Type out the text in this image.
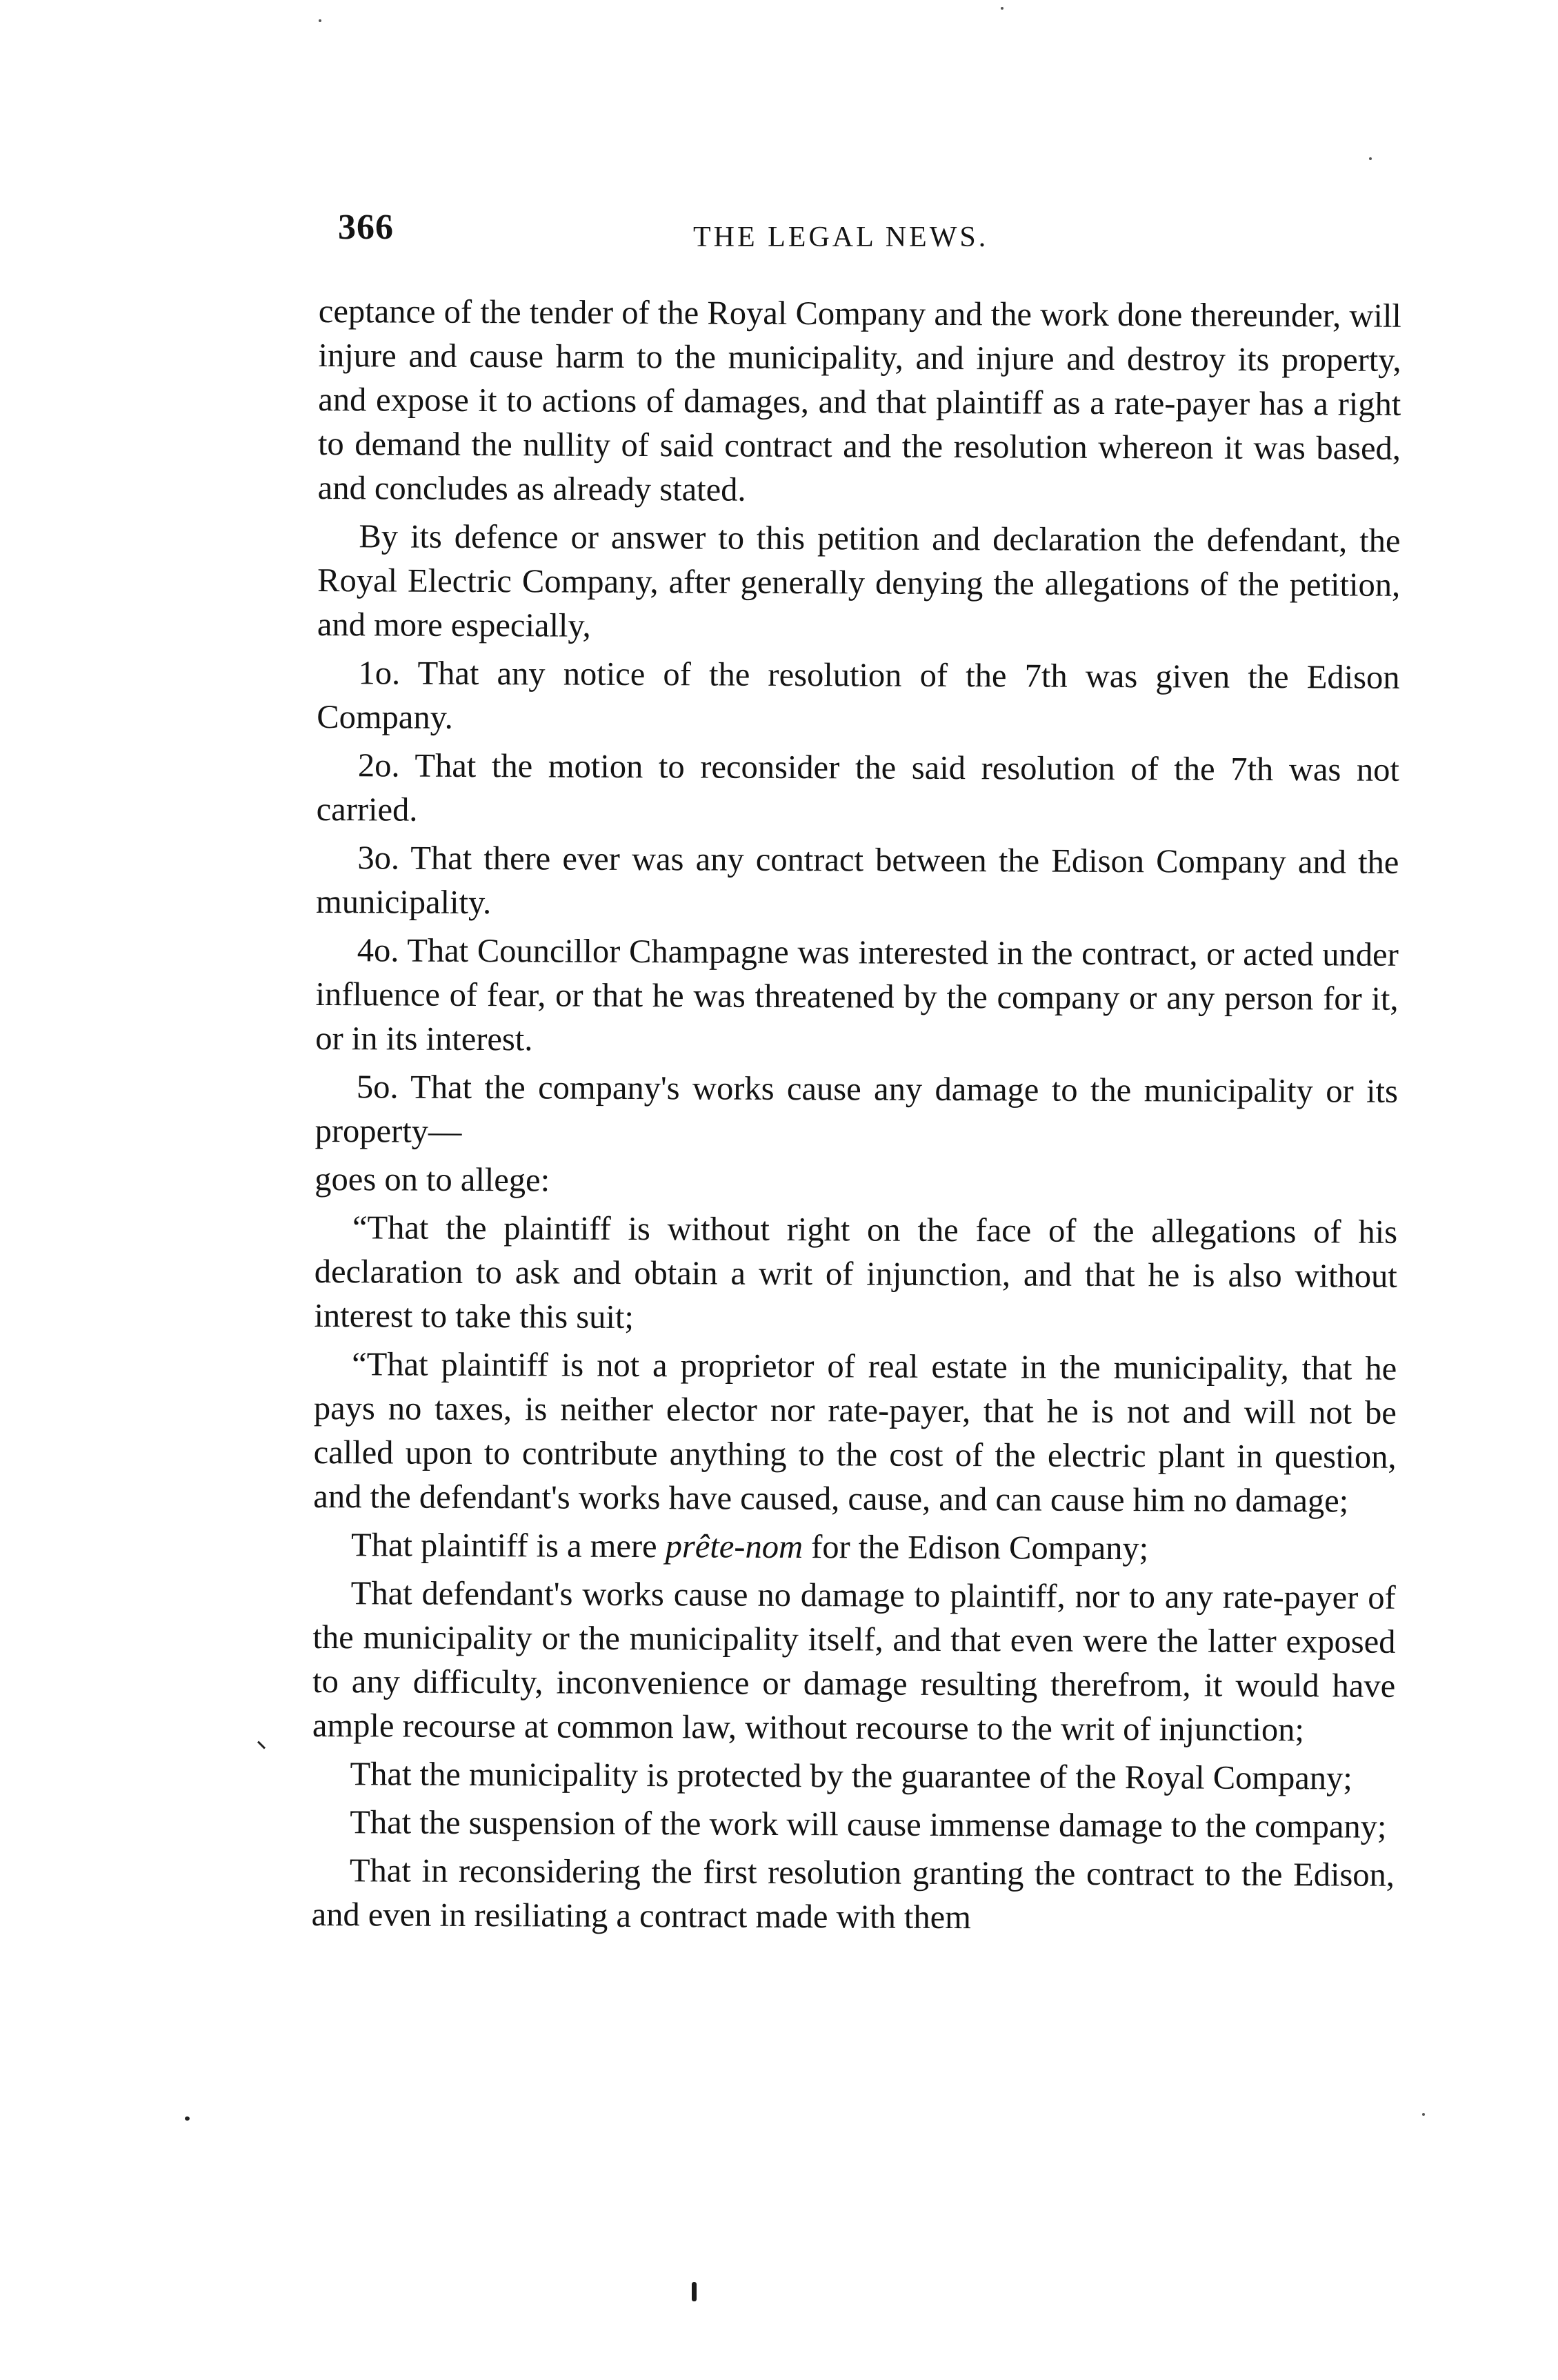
366	THE LEGAL NEWS.

ceptance of the tender of the Royal Company and the work done thereunder, will injure and cause harm to the municipality, and injure and destroy its property, and expose it to actions of damages, and that plaintiff as a rate-payer has a right to demand the nullity of said contract and the resolution whereon it was based, and concludes as already stated.

By its defence or answer to this petition and declaration the defendant, the Royal Electric Company, after generally denying the allegations of the petition, and more especially,

1o. That any notice of the resolution of the 7th was given the Edison Company.

2o. That the motion to reconsider the said resolution of the 7th was not carried.

3o. That there ever was any contract between the Edison Company and the municipality.

4o. That Councillor Champagne was interested in the contract, or acted under influence of fear, or that he was threatened by the company or any person for it, or in its interest.

5o. That the company's works cause any damage to the municipality or its property—

goes on to allege:

“That the plaintiff is without right on the face of the allegations of his declaration to ask and obtain a writ of injunction, and that he is also without interest to take this suit;

“That plaintiff is not a proprietor of real estate in the municipality, that he pays no taxes, is neither elector nor rate-payer, that he is not and will not be called upon to contribute anything to the cost of the electric plant in question, and the defendant's works have caused, cause, and can cause him no damage;

That plaintiff is a mere prête-nom for the Edison Company;

That defendant's works cause no damage to plaintiff, nor to any rate-payer of the municipality or the municipality itself, and that even were the latter exposed to any difficulty, inconvenience or damage resulting therefrom, it would have ample recourse at common law, without recourse to the writ of injunction;

That the municipality is protected by the guarantee of the Royal Company;

That the suspension of the work will cause immense damage to the company;

That in reconsidering the first resolution granting the contract to the Edison, and even in resiliating a contract made with them
